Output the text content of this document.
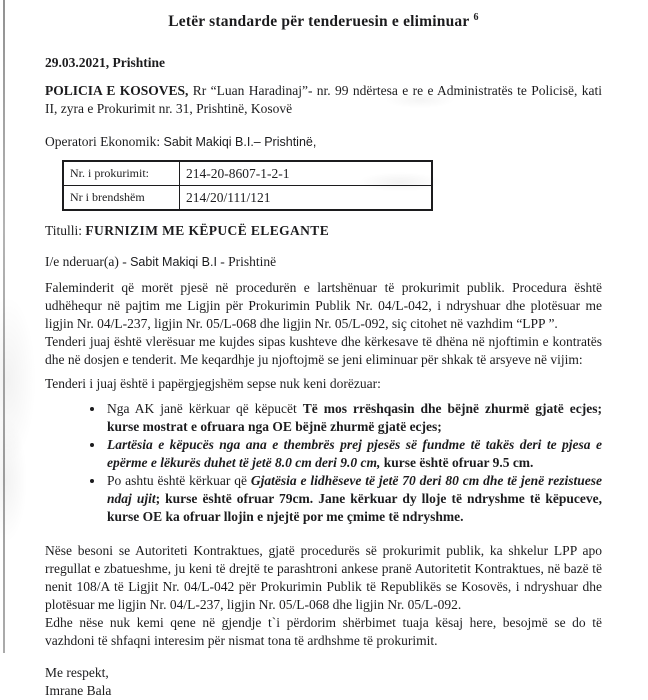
Letër standarde për tenderuesin e eliminuar $^6$
29.03.2021, Prishtine
POLICIA E KOSOVES, Rr “Luan Haradinaj”- nr. 99 ndërtesa e re e Administratës te Policisë, kati II, zyra e Prokurimit nr. 31, Prishtinë, Kosovë
Operatori Ekonomik: Sabit Makiqi B.I.– Prishtinë,
Nr. i prokurimit:	214-20-8607-1-2-1
Nr i brendshëm	214/20/111/121
Titulli: FURNIZIM ME KËPUCË ELEGANTE
I/e nderuar(a) - Sabit Makiqi B.I - Prishtinë
Faleminderit që morët pjesë në procedurën e lartshënuar të prokurimit publik. Procedura është udhëhequr në pajtim me Ligjin për Prokurimin Publik Nr. 04/L-042, i ndryshuar dhe plotësuar me ligjin Nr. 04/L-237, ligjin Nr. 05/L-068 dhe ligjin Nr. 05/L-092, siç citohet në vazhdim “LPP ”.
Tenderi juaj është vlerësuar me kujdes sipas kushteve dhe kërkesave të dhëna në njoftimin e kontratës dhe në dosjen e tenderit. Me keqardhje ju njoftojmë se jeni eliminuar për shkak të arsyeve në vijim:
Tenderi i juaj është i papërgjegjshëm sepse nuk keni dorëzuar:
• Nga AK janë kërkuar që këpucët Të mos rrëshqasin dhe bëjnë zhurmë gjatë ecjes; kurse mostrat e ofruara nga OE bëjnë zhurmë gjatë ecjes;
• Lartësia e këpucës nga ana e thembrës prej pjesës së fundme të takës deri te pjesa e epërme e lëkurës duhet të jetë 8.0 cm deri 9.0 cm, kurse është ofruar 9.5 cm.
• Po ashtu është kërkuar që Gjatësia e lidhëseve të jetë 70 deri 80 cm dhe të jenë rezistuese ndaj ujit; kurse është ofruar 79cm. Jane kërkuar dy lloje të ndryshme të këpuceve, kurse OE ka ofruar llojin e njejtë por me çmime të ndryshme.
Nëse besoni se Autoriteti Kontraktues, gjatë procedurës së prokurimit publik, ka shkelur LPP apo rregullat e zbatueshme, ju keni të drejtë te parashtroni ankese pranë Autoritetit Kontraktues, në bazë të nenit 108/A të Ligjit Nr. 04/L-042 për Prokurimin Publik të Republikës se Kosovës, i ndryshuar dhe plotësuar me ligjin Nr. 04/L-237, ligjin Nr. 05/L-068 dhe ligjin Nr. 05/L-092.
Edhe nëse nuk kemi qene në gjendje t`i përdorim shërbimet tuaja kësaj here, besojmë se do të vazhdoni të shfaqni interesim për nismat tona të ardhshme të prokurimit.
Me respekt,
Imrane Bala
